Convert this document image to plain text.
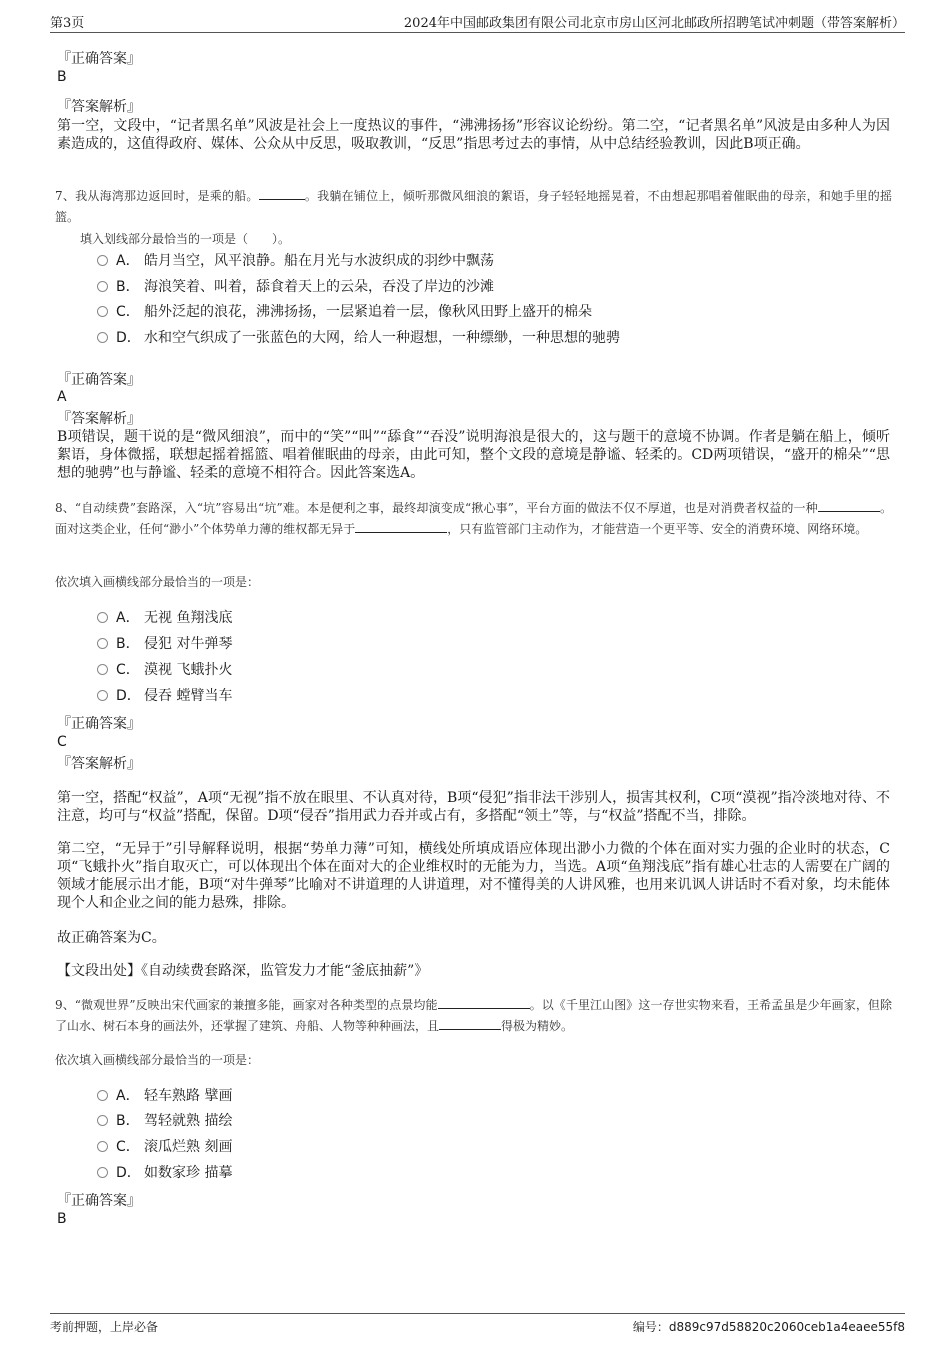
第3页	2024年中国邮政集团有限公司北京市房山区河北邮政所招聘笔试冲刺题（带答案解析）
『正确答案』
B
『答案解析』
第一空，文段中，“记者黑名单”风波是社会上一度热议的事件，“沸沸扬扬”形容议论纷纷。第二空，“记者黑名单”风波是由多种人为因素造成的，这值得政府、媒体、公众从中反思，吸取教训，“反思”指思考过去的事情，从中总结经验教训，因此B项正确。
7、我从海湾那边返回时，是乘的船。	。我躺在铺位上，倾听那微风细浪的絮语，身子轻轻地摇晃着，不由想起那唱着催眠曲的母亲，和她手里的摇篮。
填入划线部分最恰当的一项是（　　）。
A． 皓月当空，风平浪静。船在月光与水波织成的羽纱中飘荡
B． 海浪笑着、叫着，舔食着天上的云朵，吞没了岸边的沙滩
C． 船外泛起的浪花，沸沸扬扬，一层紧追着一层，像秋风田野上盛开的棉朵
D． 水和空气织成了一张蓝色的大网，给人一种遐想，一种缥缈，一种思想的驰骋
『正确答案』
A
『答案解析』
B项错误，题干说的是“微风细浪”，而中的“笑”“叫”“舔食”“吞没”说明海浪是很大的，这与题干的意境不协调。作者是躺在船上，倾听絮语，身体微摇，联想起摇着摇篮、唱着催眠曲的母亲，由此可知，整个文段的意境是静谧、轻柔的。CD两项错误，“盛开的棉朵”“思想的驰骋”也与静谧、轻柔的意境不相符合。因此答案选A。
8、“自动续费”套路深，入“坑”容易出“坑”难。本是便利之事，最终却演变成“揪心事”，平台方面的做法不仅不厚道，也是对消费者权益的一种	。面对这类企业，任何“渺小”个体势单力薄的维权都无异于	，只有监管部门主动作为，才能营造一个更平等、安全的消费环境、网络环境。
依次填入画横线部分最恰当的一项是：
A． 无视 鱼翔浅底
B． 侵犯 对牛弹琴
C． 漠视 飞蛾扑火
D． 侵吞 螳臂当车
『正确答案』
C
『答案解析』
第一空，搭配“权益”，A项“无视”指不放在眼里、不认真对待，B项“侵犯”指非法干涉别人，损害其权利，C项“漠视”指冷淡地对待、不注意，均可与“权益”搭配，保留。D项“侵吞”指用武力吞并或占有，多搭配“领土”等，与“权益”搭配不当，排除。
第二空，“无异于”引导解释说明，根据“势单力薄”可知，横线处所填成语应体现出渺小力微的个体在面对实力强的企业时的状态，C项“飞蛾扑火”指自取灭亡，可以体现出个体在面对大的企业维权时的无能为力，当选。A项“鱼翔浅底”指有雄心壮志的人需要在广阔的领域才能展示出才能，B项“对牛弹琴”比喻对不讲道理的人讲道理，对不懂得美的人讲风雅，也用来讥讽人讲话时不看对象，均未能体现个人和企业之间的能力悬殊，排除。
故正确答案为C。
【文段出处】《自动续费套路深，监管发力才能“釜底抽薪”》
9、“微观世界”反映出宋代画家的兼擅多能，画家对各种类型的点景均能	。以《千里江山图》这一存世实物来看，王希孟虽是少年画家，但除了山水、树石本身的画法外，还掌握了建筑、舟船、人物等种种画法，且	得极为精妙。
依次填入画横线部分最恰当的一项是：
A． 轻车熟路 擘画
B． 驾轻就熟 描绘
C． 滚瓜烂熟 刻画
D． 如数家珍 描摹
『正确答案』
B
考前押题，上岸必备	编号：d889c97d58820c2060ceb1a4eaee55f8
